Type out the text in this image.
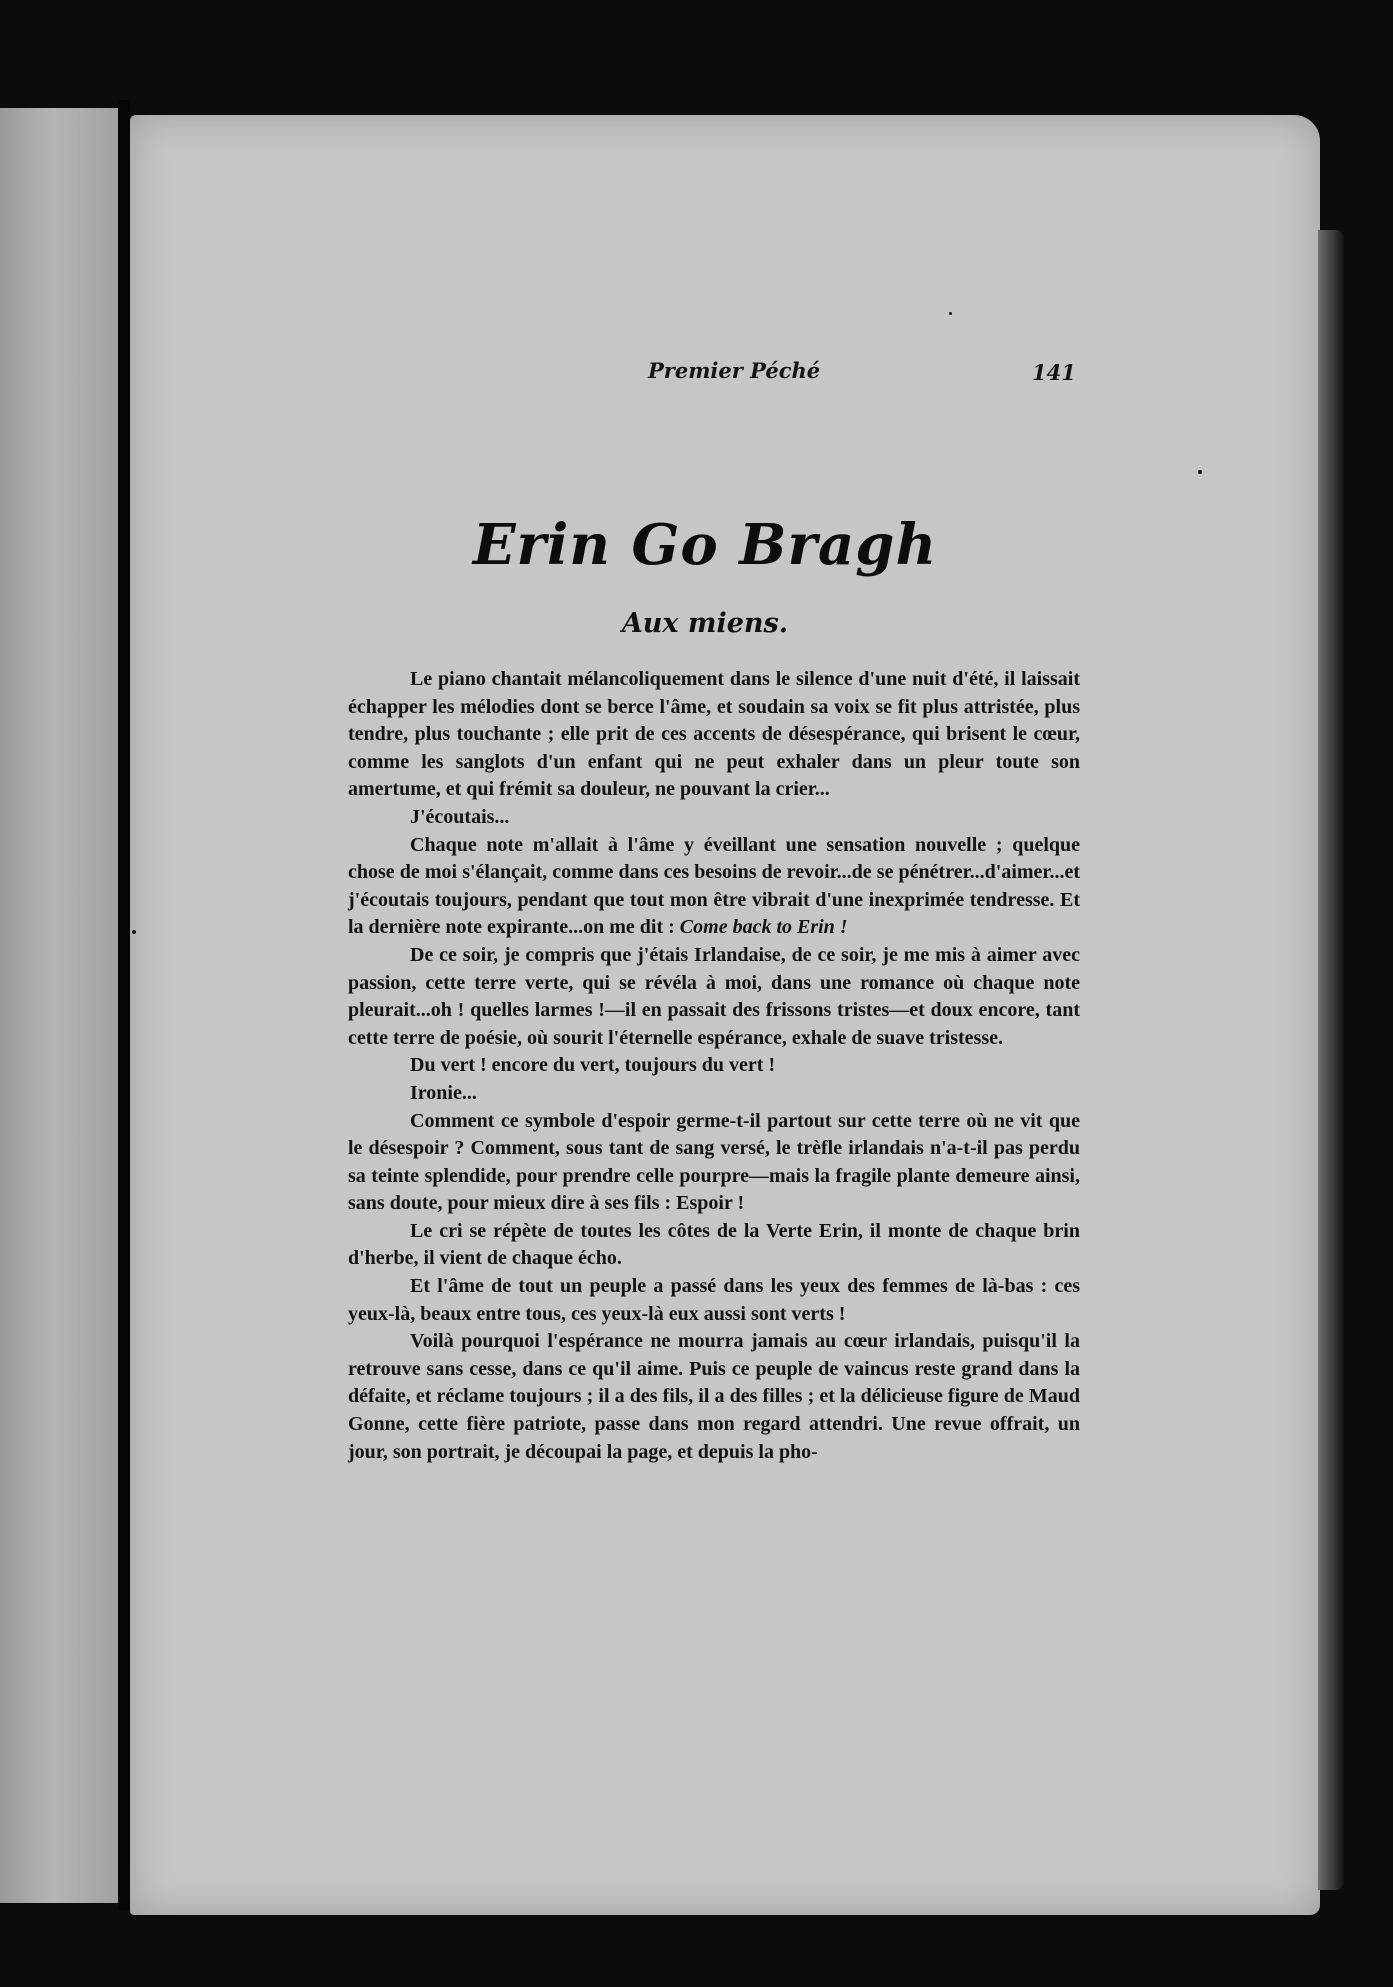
Premier Péché	141
Erin Go Bragh
Aux miens.

Le piano chantait mélancoliquement dans le silence d'une nuit d'été, il laissait échapper les mélodies dont se berce l'âme, et soudain sa voix se fit plus attristée, plus tendre, plus touchante ; elle prit de ces accents de désespérance, qui brisent le cœur, comme les sanglots d'un enfant qui ne peut exhaler dans un pleur toute son amertume, et qui frémit sa douleur, ne pouvant la crier...

J'écoutais...

Chaque note m'allait à l'âme y éveillant une sensation nouvelle ; quelque chose de moi s'élançait, comme dans ces besoins de revoir...de se pénétrer...d'aimer...et j'écoutais toujours, pendant que tout mon être vibrait d'une inexprimée tendresse. Et la dernière note expirante...on me dit : Come back to Erin !

De ce soir, je compris que j'étais Irlandaise, de ce soir, je me mis à aimer avec passion, cette terre verte, qui se révéla à moi, dans une romance où chaque note pleurait...oh ! quelles larmes !—il en passait des frissons tristes—et doux encore, tant cette terre de poésie, où sourit l'éternelle espérance, exhale de suave tristesse.

Du vert ! encore du vert, toujours du vert !

Ironie...

Comment ce symbole d'espoir germe-t-il partout sur cette terre où ne vit que le désespoir ? Comment, sous tant de sang versé, le trèfle irlandais n'a-t-il pas perdu sa teinte splendide, pour prendre celle pourpre—mais la fragile plante demeure ainsi, sans doute, pour mieux dire à ses fils : Espoir !

Le cri se répète de toutes les côtes de la Verte Erin, il monte de chaque brin d'herbe, il vient de chaque écho.

Et l'âme de tout un peuple a passé dans les yeux des femmes de là-bas : ces yeux-là, beaux entre tous, ces yeux-là eux aussi sont verts !

Voilà pourquoi l'espérance ne mourra jamais au cœur irlandais, puisqu'il la retrouve sans cesse, dans ce qu'il aime. Puis ce peuple de vaincus reste grand dans la défaite, et réclame toujours ; il a des fils, il a des filles ; et la délicieuse figure de Maud Gonne, cette fière patriote, passe dans mon regard attendri. Une revue offrait, un jour, son portrait, je découpai la page, et depuis la pho-
